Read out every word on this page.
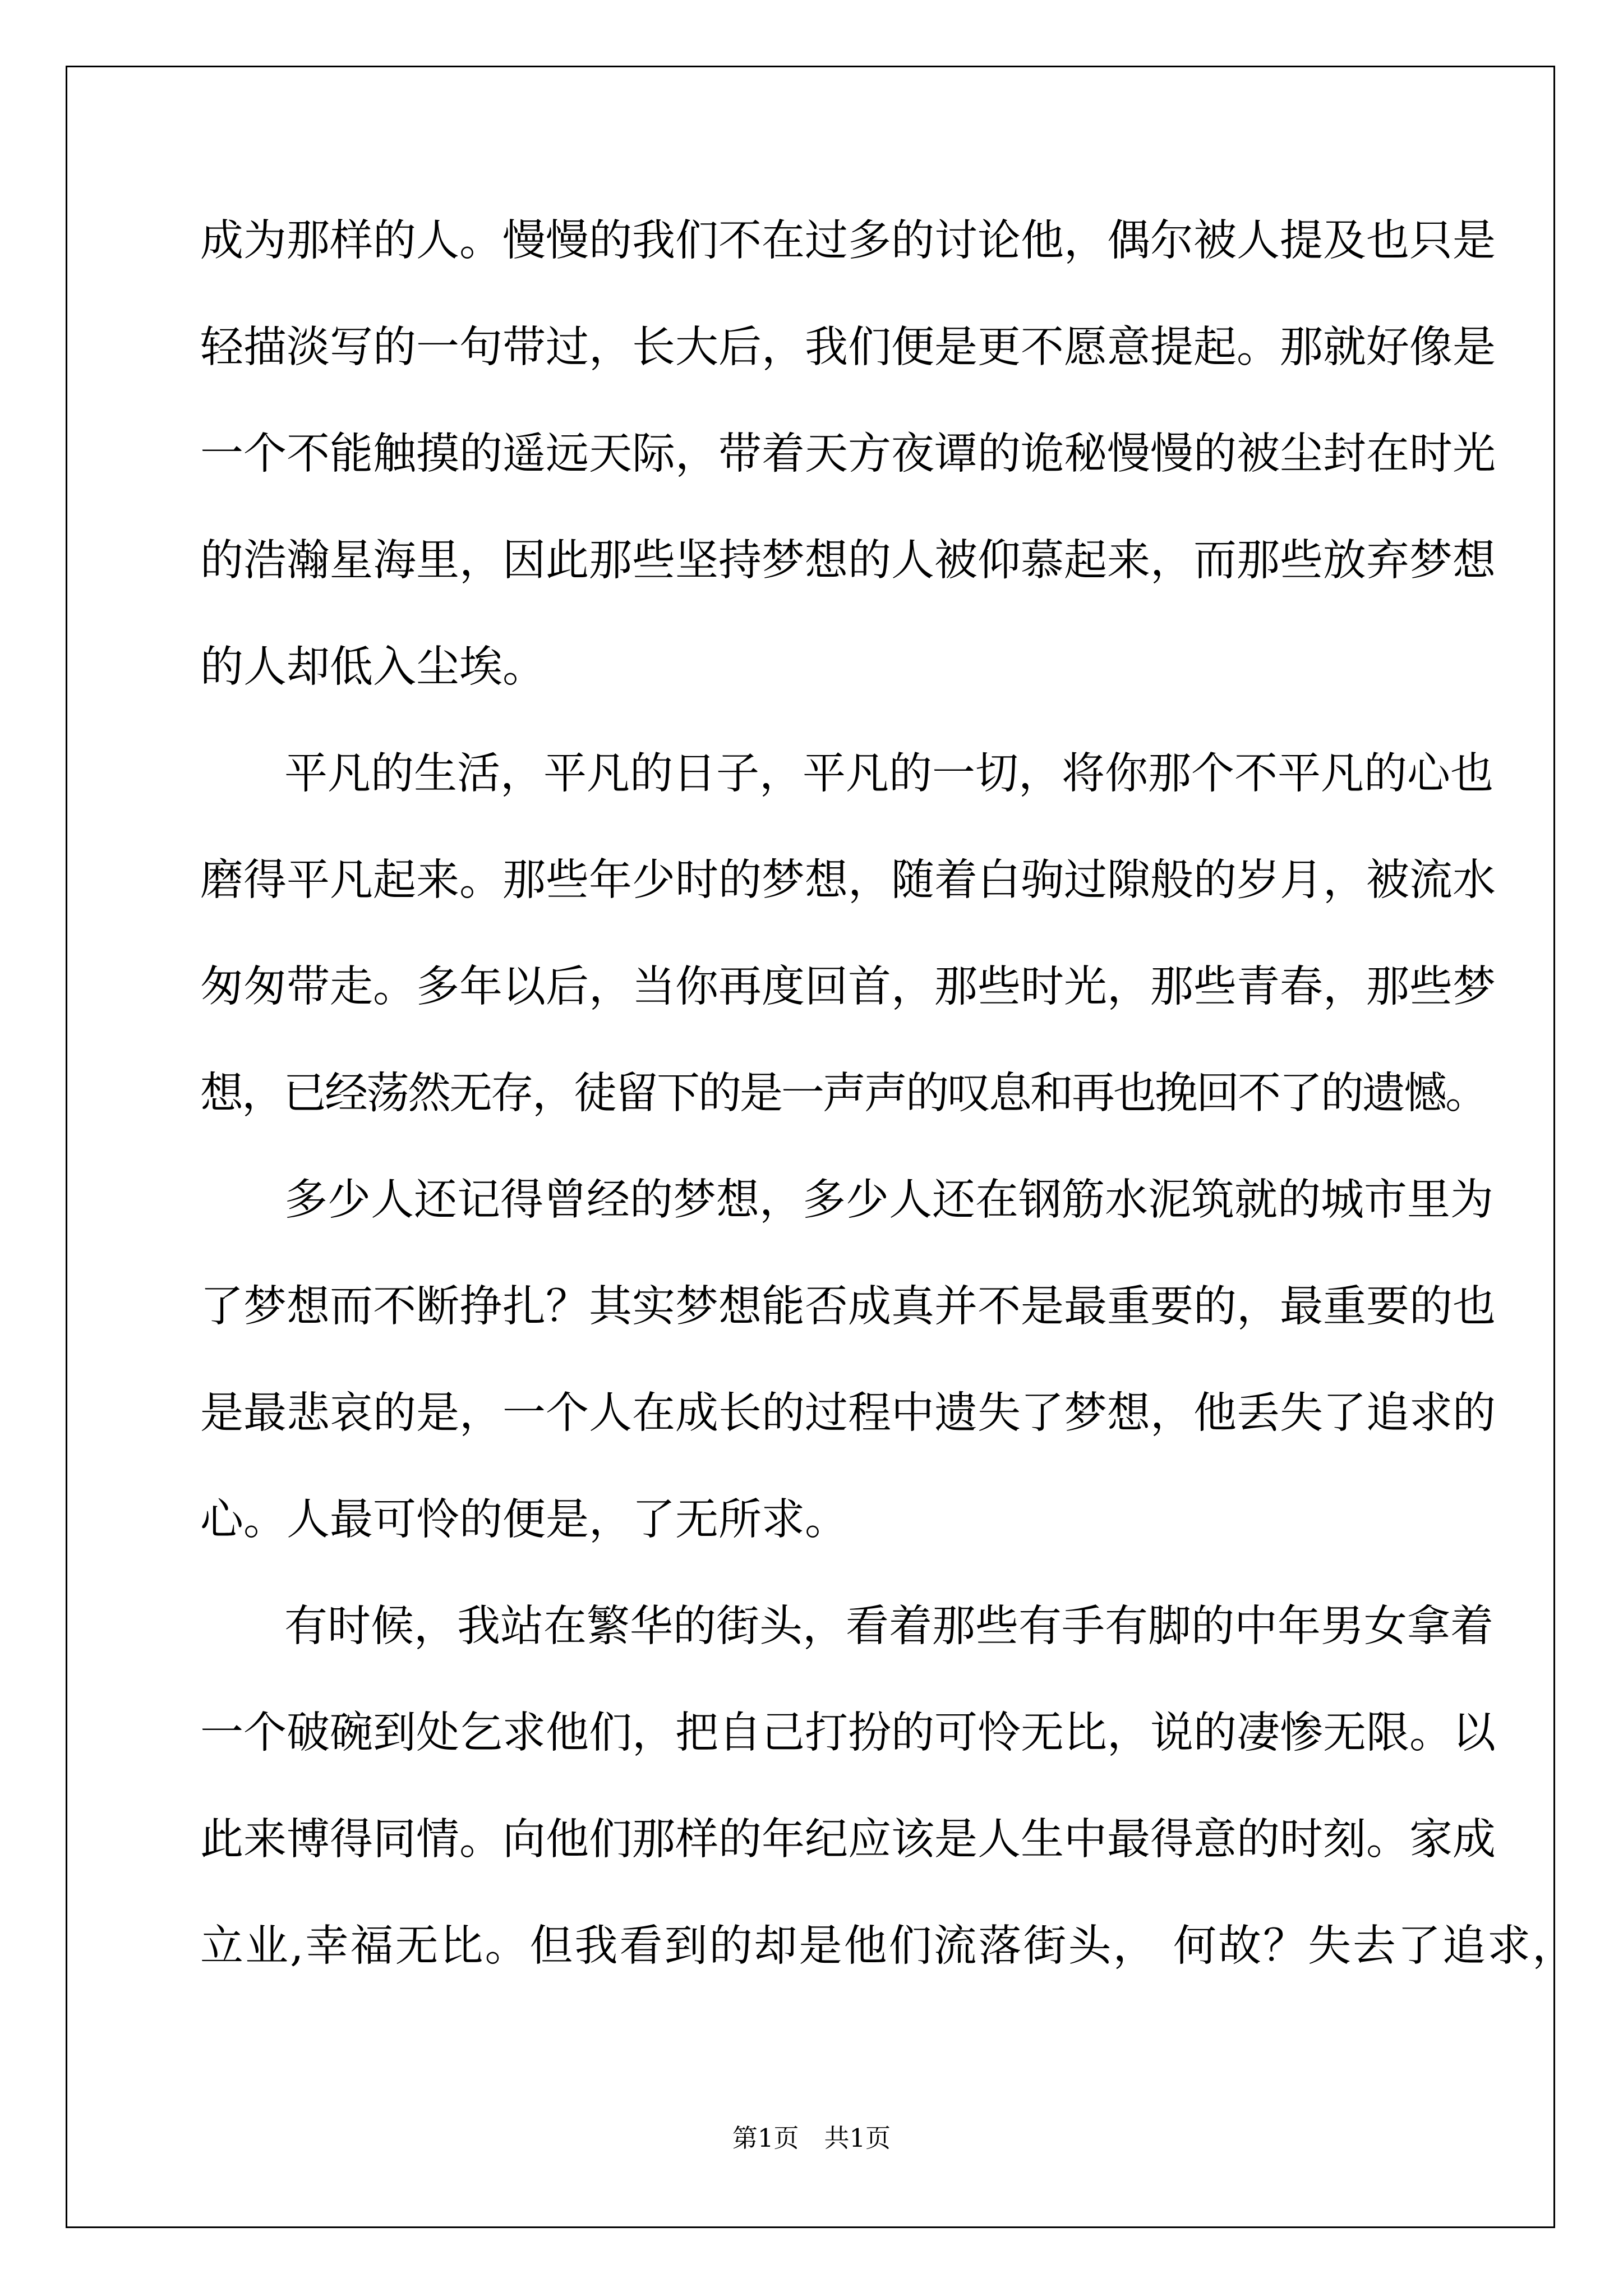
成为那样的人。慢慢的我们不在过多的讨论他，偶尔被人提及也只是
轻描淡写的一句带过，长大后，我们便是更不愿意提起。那就好像是
一个不能触摸的遥远天际，带着天方夜谭的诡秘慢慢的被尘封在时光
的浩瀚星海里，因此那些坚持梦想的人被仰慕起来，而那些放弃梦想
的人却低入尘埃。
平凡的生活，平凡的日子，平凡的一切，将你那个不平凡的心也
磨得平凡起来。那些年少时的梦想，随着白驹过隙般的岁月，被流水
匆匆带走。多年以后，当你再度回首，那些时光，那些青春，那些梦
想，已经荡然无存，徒留下的是一声声的叹息和再也挽回不了的遗憾。
多少人还记得曾经的梦想，多少人还在钢筋水泥筑就的城市里为
了梦想而不断挣扎？其实梦想能否成真并不是最重要的，最重要的也
是最悲哀的是，一个人在成长的过程中遗失了梦想，他丢失了追求的
心。人最可怜的便是，了无所求。
有时候，我站在繁华的街头，看着那些有手有脚的中年男女拿着
一个破碗到处乞求他们，把自己打扮的可怜无比，说的凄惨无限。以
此来博得同情。向他们那样的年纪应该是人生中最得意的时刻。家成
立业,幸福无比。但我看到的却是他们流落街头， 何故？失去了追求，
第1页　共1页
